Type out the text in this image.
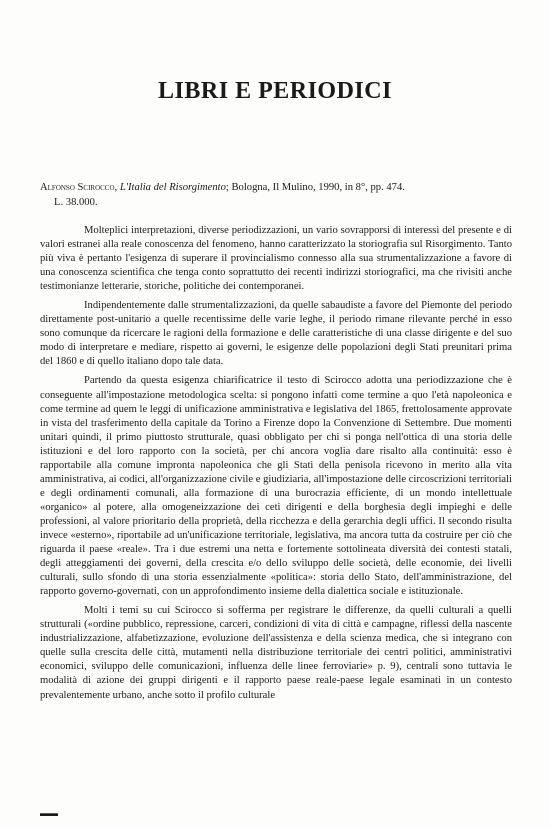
LIBRI E PERIODICI
Alfonso Scirocco, L'Italia del Risorgimento; Bologna, Il Mulino, 1990, in 8°, pp. 474.
L. 38.000.

Molteplici interpretazioni, diverse periodizzazioni, un vario sovrapporsi di interessi del presente e di valori estranei alla reale conoscenza del fenomeno, hanno caratterizzato la storiografia sul Risorgimento. Tanto più viva è pertanto l'esigenza di superare il provincialismo connesso alla sua strumentalizzazione a favore di una conoscenza scientifica che tenga conto soprattutto dei recenti indirizzi storiografici, ma che rivisiti anche testimonianze letterarie, storiche, politiche dei contemporanei.

Indipendentemente dalle strumentalizzazioni, da quelle sabaudiste a favore del Piemonte del periodo direttamente post-unitario a quelle recentissime delle varie leghe, il periodo rimane rilevante perché in esso sono comunque da ricercare le ragioni della formazione e delle caratteristiche di una classe dirigente e del suo modo di interpretare e mediare, rispetto ai governi, le esigenze delle popolazioni degli Stati preunitari prima del 1860 e di quello italiano dopo tale data.

Partendo da questa esigenza chiarificatrice il testo di Scirocco adotta una periodizzazione che è conseguente all'impostazione metodologica scelta: si pongono infatti come termine a quo l'età napoleonica e come termine ad quem le leggi di unificazione amministrativa e legislativa del 1865, frettolosamente approvate in vista del trasferimento della capitale da Torino a Firenze dopo la Convenzione di Settembre. Due momenti unitari quindi, il primo piuttosto strutturale, quasi obbligato per chi si ponga nell'ottica di una storia delle istituzioni e del loro rapporto con la società, per chi ancora voglia dare risalto alla continuità: esso è rapportabile alla comune impronta napoleonica che gli Stati della penisola ricevono in merito alla vita amministrativa, ai codici, all'organizzazione civile e giudiziaria, all'impostazione delle circoscrizioni territoriali e degli ordinamenti comunali, alla formazione di una burocrazia efficiente, di un mondo intellettuale «organico» al potere, alla omogeneizzazione dei ceti dirigenti e della borghesia degli impieghi e delle professioni, al valore prioritario della proprietà, della ricchezza e della gerarchia degli uffici. Il secondo risulta invece «esterno», riportabile ad un'unificazione territoriale, legislativa, ma ancora tutta da costruire per ciò che riguarda il paese «reale». Tra i due estremi una netta e fortemente sottolineata diversità dei contesti statali, degli atteggiamenti dei governi, della crescita e/o dello sviluppo delle società, delle economie, dei livelli culturali, sullo sfondo di una storia essenzialmente «politica»: storia dello Stato, dell'amministrazione, del rapporto governo-governati, con un approfondimento insieme della dialettica sociale e istituzionale.

Molti i temi su cui Scirocco si sofferma per registrare le differenze, da quelli culturali a quelli strutturali («ordine pubblico, repressione, carceri, condizioni di vita di città e campagne, riflessi della nascente industrializzazione, alfabetizzazione, evoluzione dell'assistenza e della scienza medica, che si integrano con quelle sulla crescita delle città, mutamenti nella distribuzione territoriale dei centri politici, amministrativi economici, sviluppo delle comunicazioni, influenza delle linee ferroviarie» p. 9), centrali sono tuttavia le modalità di azione dei gruppi dirigenti e il rapporto paese reale-paese legale esaminati in un contesto prevalentemente urbano, anche sotto il profilo culturale

▬▬
